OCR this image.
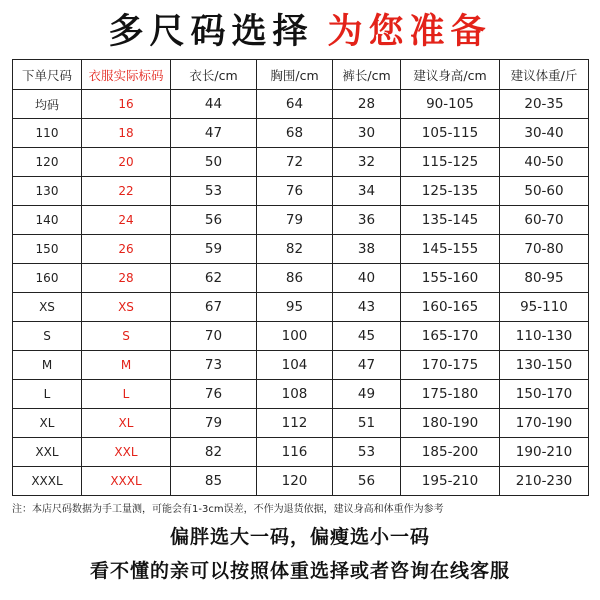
多尺码选择 为您准备
下单尺码	衣服实际标码	衣长/cm	胸围/cm	裤长/cm	建议身高/cm	建议体重/斤
均码	16	44	64	28	90-105	20-35
110	18	47	68	30	105-115	30-40
120	20	50	72	32	115-125	40-50
130	22	53	76	34	125-135	50-60
140	24	56	79	36	135-145	60-70
150	26	59	82	38	145-155	70-80
160	28	62	86	40	155-160	80-95
XS	XS	67	95	43	160-165	95-110
S	S	70	100	45	165-170	110-130
M	M	73	104	47	170-175	130-150
L	L	76	108	49	175-180	150-170
XL	XL	79	112	51	180-190	170-190
XXL	XXL	82	116	53	185-200	190-210
XXXL	XXXL	85	120	56	195-210	210-230
注：本店尺码数据为手工量测，可能会有1-3cm误差，不作为退货依据，建议身高和体重作为参考
偏胖选大一码，偏瘦选小一码
看不懂的亲可以按照体重选择或者咨询在线客服
